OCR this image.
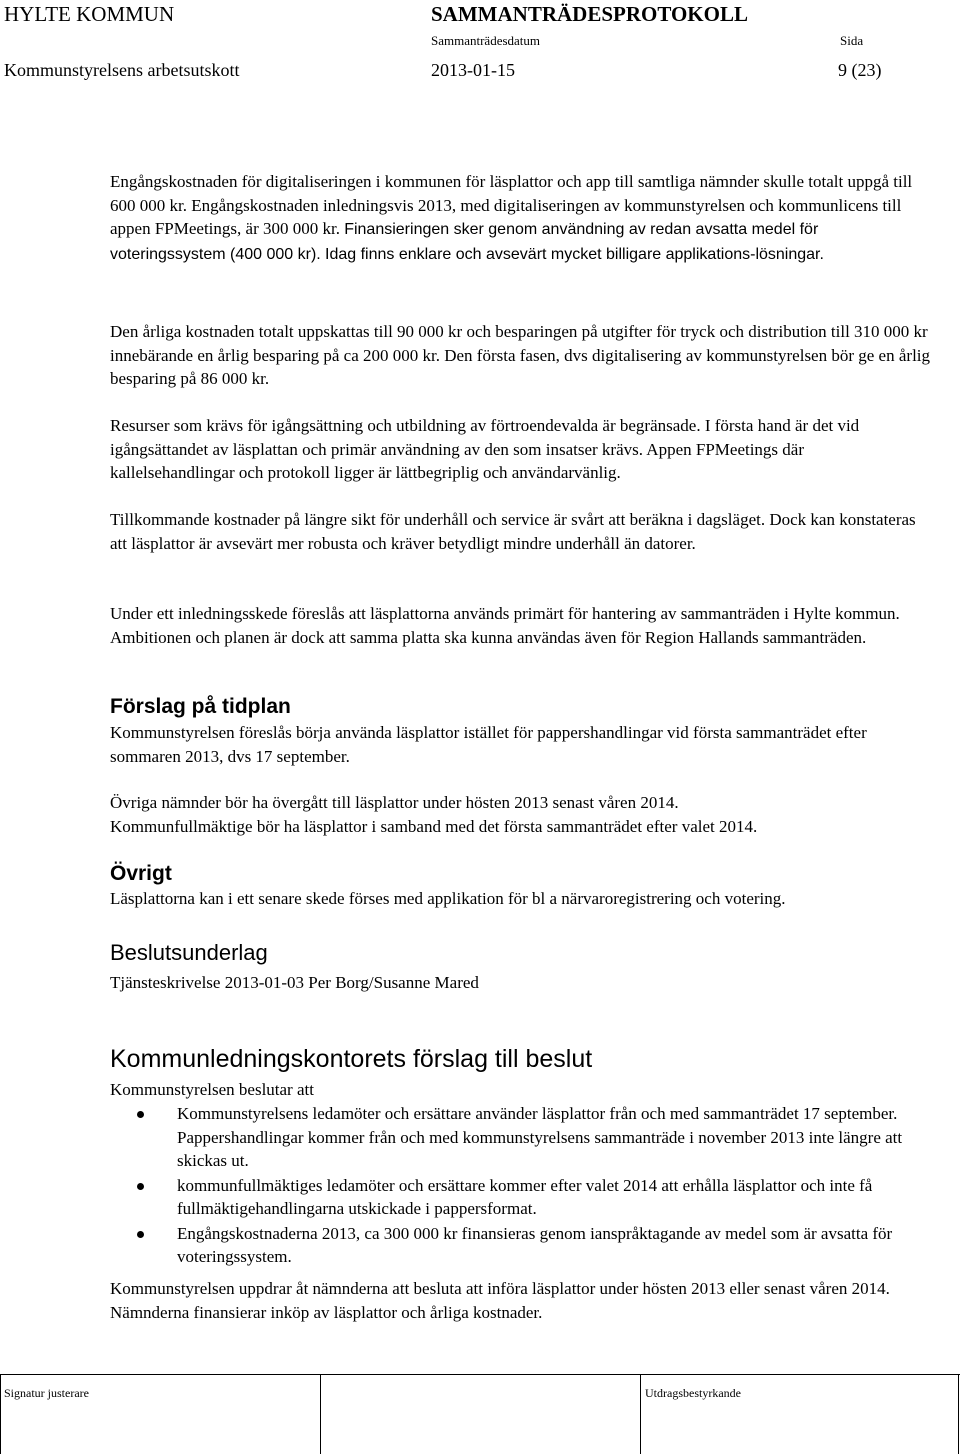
HYLTE KOMMUN	SAMMANTRÄDESPROTOKOLL
Sammanträdesdatum	Sida
Kommunstyrelsens arbetsutskott	2013-01-15	9 (23)

Engångskostnaden för digitaliseringen i kommunen för läsplattor och app till samtliga nämnder skulle totalt uppgå till 600 000 kr. Engångskostnaden inledningsvis 2013, med digitaliseringen av kommunstyrelsen och kommunlicens till appen FPMeetings, är 300 000 kr. Finansieringen sker genom användning av redan avsatta medel för voteringssystem (400 000 kr). Idag finns enklare och avsevärt mycket billigare applikations-lösningar.

Den årliga kostnaden totalt uppskattas till 90 000 kr och besparingen på utgifter för tryck och distribution till 310 000 kr innebärande en årlig besparing på ca 200 000 kr. Den första fasen, dvs digitalisering av kommunstyrelsen bör ge en årlig besparing på 86 000 kr.

Resurser som krävs för igångsättning och utbildning av förtroendevalda är begränsade. I första hand är det vid igångsättandet av läsplattan och primär användning av den som insatser krävs. Appen FPMeetings där kallelsehandlingar och protokoll ligger är lättbegriplig och användarvänlig.

Tillkommande kostnader på längre sikt för underhåll och service är svårt att beräkna i dagsläget. Dock kan konstateras att läsplattor är avsevärt mer robusta och kräver betydligt mindre underhåll än datorer.

Under ett inledningsskede föreslås att läsplattorna används primärt för hantering av sammanträden i Hylte kommun. Ambitionen och planen är dock att samma platta ska kunna användas även för Region Hallands sammanträden.

Förslag på tidplan

Kommunstyrelsen föreslås börja använda läsplattor istället för pappershandlingar vid första sammanträdet efter sommaren 2013, dvs 17 september.

Övriga nämnder bör ha övergått till läsplattor under hösten 2013 senast våren 2014.
Kommunfullmäktige bör ha läsplattor i samband med det första sammanträdet efter valet 2014.

Övrigt

Läsplattorna kan i ett senare skede förses med applikation för bl a närvaroregistrering och votering.

Beslutsunderlag

Tjänsteskrivelse 2013-01-03 Per Borg/Susanne Mared

Kommunledningskontorets förslag till beslut

Kommunstyrelsen beslutar att

Kommunstyrelsens ledamöter och ersättare använder läsplattor från och med sammanträdet 17 september. Pappershandlingar kommer från och med kommunstyrelsens sammanträde i november 2013 inte längre att skickas ut.
kommunfullmäktiges ledamöter och ersättare kommer efter valet 2014 att erhålla läsplattor och inte få fullmäktigehandlingarna utskickade i pappersformat.
Engångskostnaderna 2013, ca 300 000 kr finansieras genom ianspråktagande av medel som är avsatta för voteringssystem.

Kommunstyrelsen uppdrar åt nämnderna att besluta att införa läsplattor under hösten 2013 eller senast våren 2014. Nämnderna finansierar inköp av läsplattor och årliga kostnader.

Signatur justerare	Utdragsbestyrkande
